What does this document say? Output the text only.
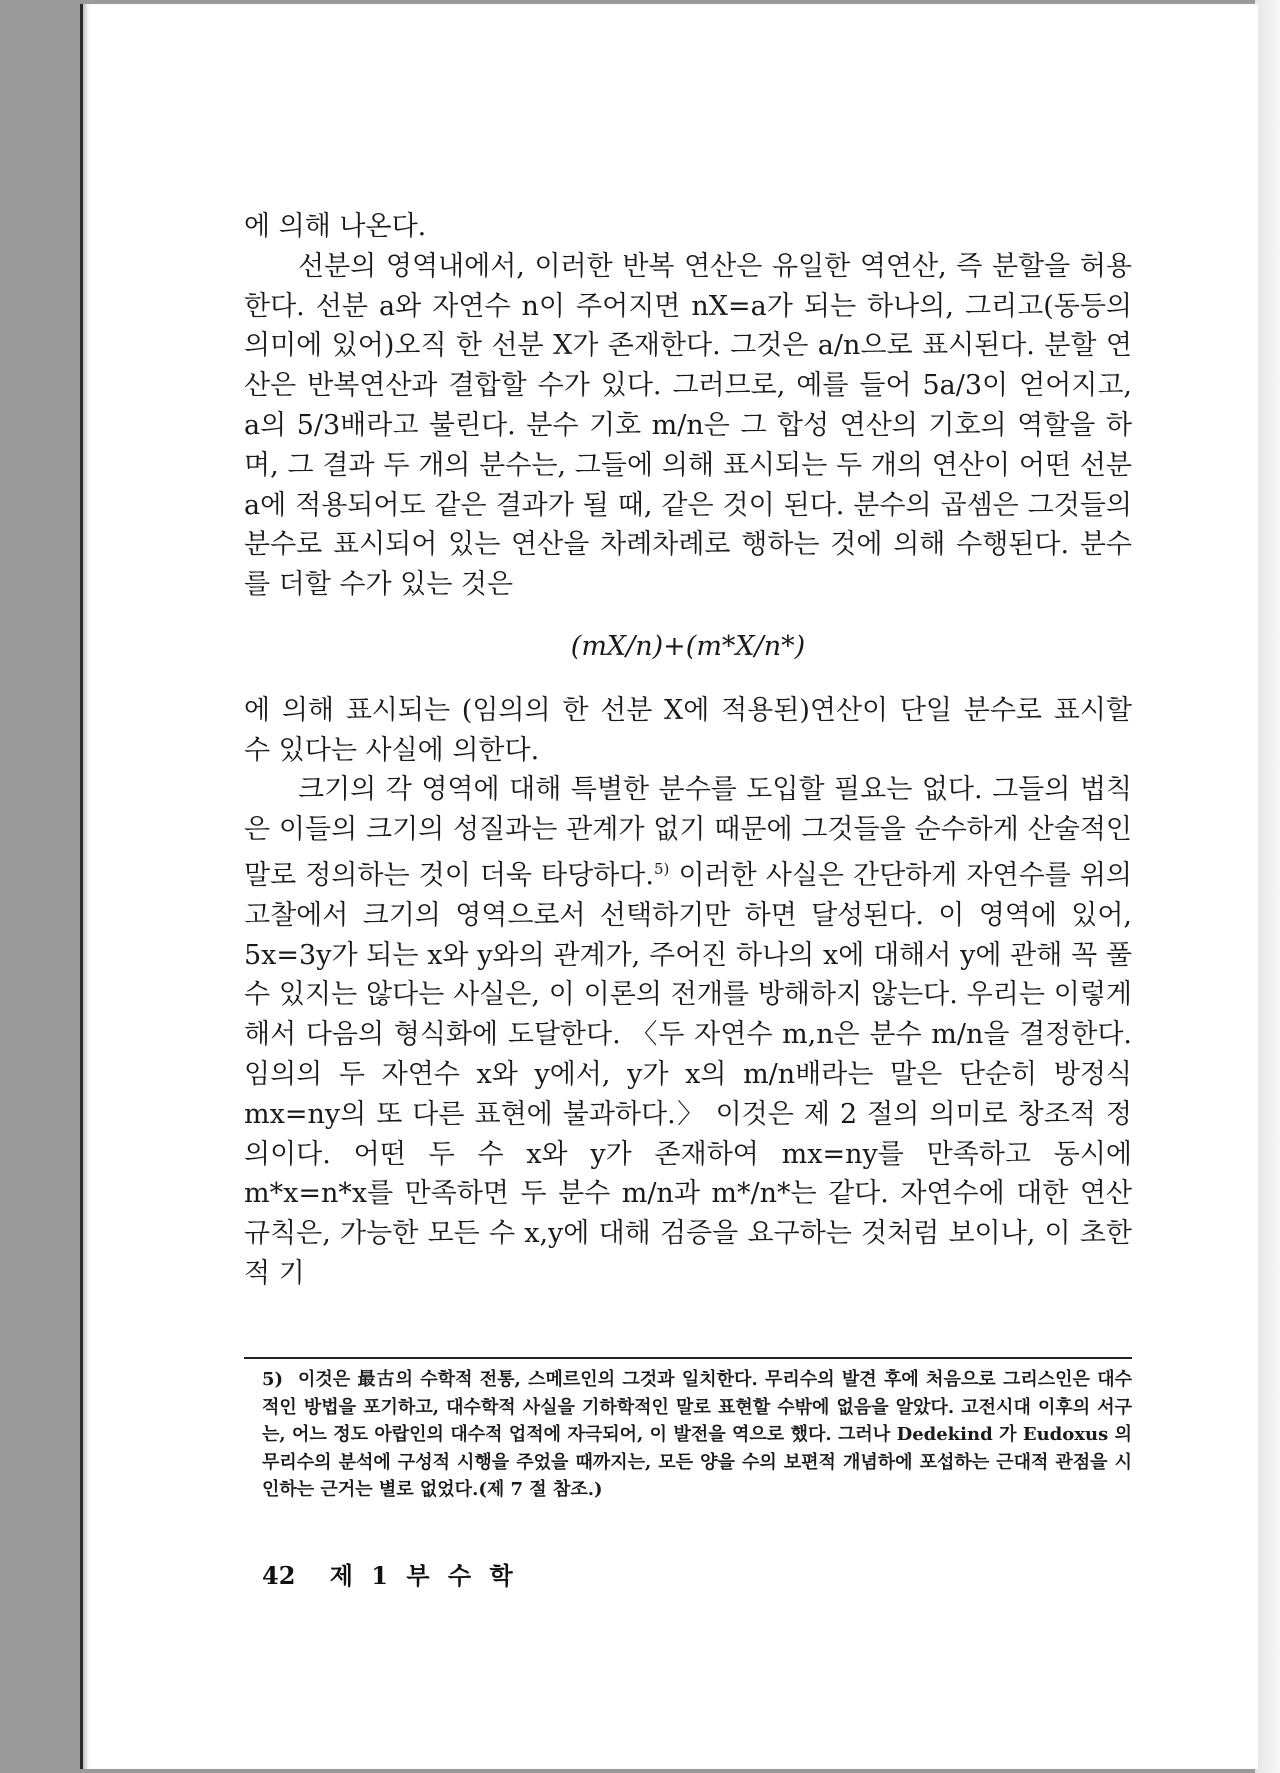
에 의해 나온다.

선분의 영역내에서, 이러한 반복 연산은 유일한 역연산, 즉 분할을 허용한다. 선분 a와 자연수 n이 주어지면 nX=a가 되는 하나의, 그리고(동등의 의미에 있어)오직 한 선분 X가 존재한다. 그것은 a/n으로 표시된다. 분할 연산은 반복연산과 결합할 수가 있다. 그러므로, 예를 들어 5a/3이 얻어지고, a의 5/3배라고 불린다. 분수 기호 m/n은 그 합성 연산의 기호의 역할을 하며, 그 결과 두 개의 분수는, 그들에 의해 표시되는 두 개의 연산이 어떤 선분 a에 적용되어도 같은 결과가 될 때, 같은 것이 된다. 분수의 곱셈은 그것들의 분수로 표시되어 있는 연산을 차례차례로 행하는 것에 의해 수행된다. 분수를 더할 수가 있는 것은

(mX/n)+(m*X/n*)

에 의해 표시되는 (임의의 한 선분 X에 적용된)연산이 단일 분수로 표시할 수 있다는 사실에 의한다.

크기의 각 영역에 대해 특별한 분수를 도입할 필요는 없다. 그들의 법칙은 이들의 크기의 성질과는 관계가 없기 때문에 그것들을 순수하게 산술적인 말로 정의하는 것이 더욱 타당하다.$^{5)}$ 이러한 사실은 간단하게 자연수를 위의 고찰에서 크기의 영역으로서 선택하기만 하면 달성된다. 이 영역에 있어, 5x=3y가 되는 x와 y와의 관계가, 주어진 하나의 x에 대해서 y에 관해 꼭 풀 수 있지는 않다는 사실은, 이 이론의 전개를 방해하지 않는다. 우리는 이렇게 해서 다음의 형식화에 도달한다. 〈두 자연수 m,n은 분수 m/n을 결정한다. 임의의 두 자연수 x와 y에서, y가 x의 m/n배라는 말은 단순히 방정식 mx=ny의 또 다른 표현에 불과하다.〉 이것은 제 2 절의 의미로 창조적 정의이다. 어떤 두 수 x와 y가 존재하여 mx=ny를 만족하고 동시에 m*x=n*x를 만족하면 두 분수 m/n과 m*/n*는 같다. 자연수에 대한 연산 규칙은, 가능한 모든 수 x,y에 대해 검증을 요구하는 것처럼 보이나, 이 초한적 기

5) 이것은 最古의 수학적 전통, 스메르인의 그것과 일치한다. 무리수의 발견 후에 처음으로 그리스인은 대수적인 방법을 포기하고, 대수학적 사실을 기하학적인 말로 표현할 수밖에 없음을 알았다. 고전시대 이후의 서구는, 어느 정도 아랍인의 대수적 업적에 자극되어, 이 발전을 역으로 했다. 그러나 Dedekind 가 Eudoxus 의 무리수의 분석에 구성적 시행을 주었을 때까지는, 모든 양을 수의 보편적 개념하에 포섭하는 근대적 관점을 시인하는 근거는 별로 없었다.(제 7 절 참조.)
42 제 1 부 수 학
